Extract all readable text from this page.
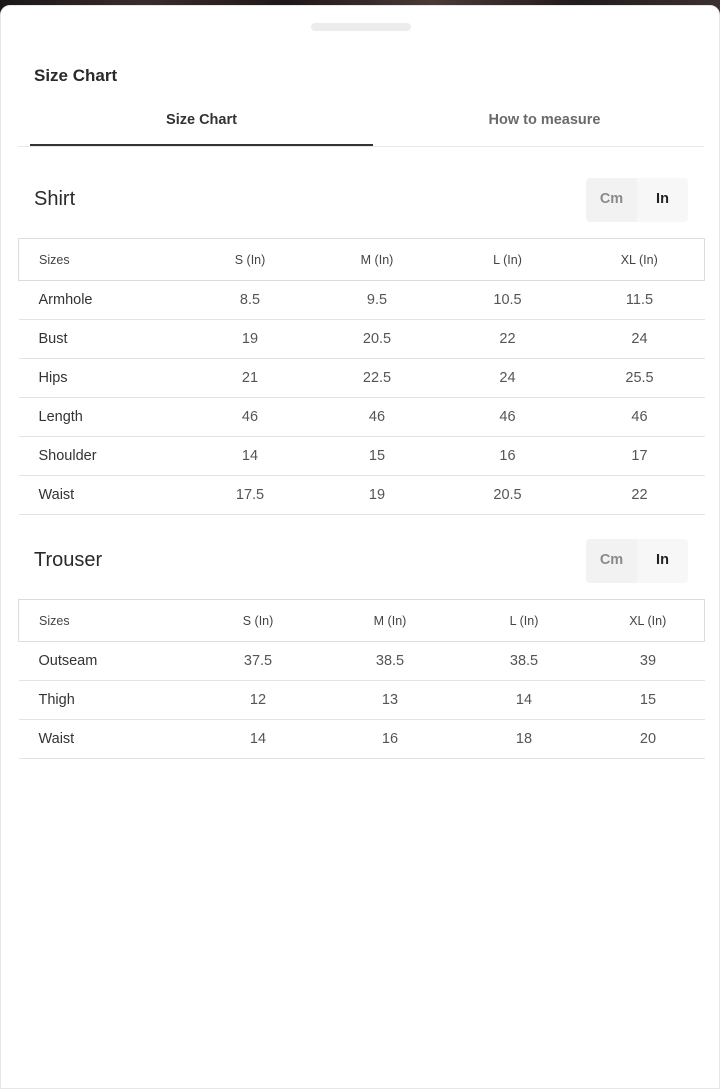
Size Chart
Size Chart	How to measure
Shirt	Cm	In
Sizes	S (In)	M (In)	L (In)	XL (In)
Armhole	8.5	9.5	10.5	11.5
Bust	19	20.5	22	24
Hips	21	22.5	24	25.5
Length	46	46	46	46
Shoulder	14	15	16	17
Waist	17.5	19	20.5	22
Trouser	Cm	In
Sizes	S (In)	M (In)	L (In)	XL (In)
Outseam	37.5	38.5	38.5	39
Thigh	12	13	14	15
Waist	14	16	18	20
